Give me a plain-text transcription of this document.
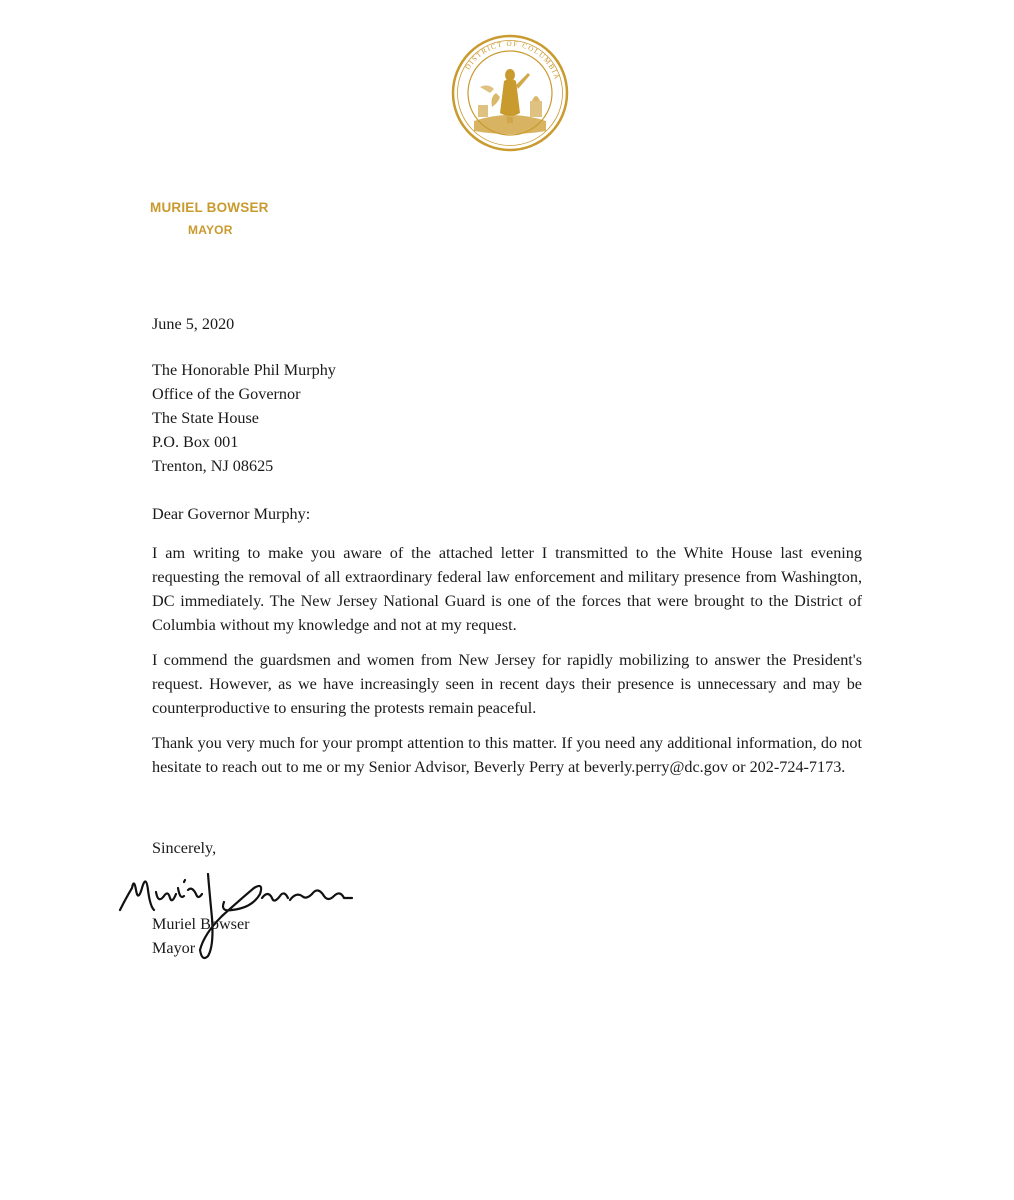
DISTRICT OF COLUMBIA
MURIEL BOWSER
MAYOR
June 5, 2020
The Honorable Phil Murphy
Office of the Governor
The State House
P.O. Box 001
Trenton, NJ 08625
Dear Governor Murphy:
I am writing to make you aware of the attached letter I transmitted to the White House last evening requesting the removal of all extraordinary federal law enforcement and military presence from Washington, DC immediately. The New Jersey National Guard is one of the forces that were brought to the District of Columbia without my knowledge and not at my request.
I commend the guardsmen and women from New Jersey for rapidly mobilizing to answer the President's request. However, as we have increasingly seen in recent days their presence is unnecessary and may be counterproductive to ensuring the protests remain peaceful.
Thank you very much for your prompt attention to this matter. If you need any additional information, do not hesitate to reach out to me or my Senior Advisor, Beverly Perry at beverly.perry@dc.gov or 202-724-7173.
Sincerely,
Muriel Bowser
Mayor
